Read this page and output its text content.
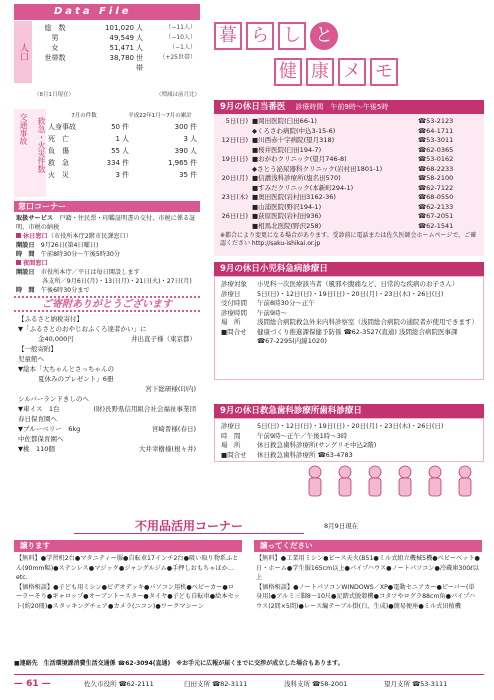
Data File
人口
総　数	101,020 人	（−11人）
男	49,549 人	（−10人）
女	51,471 人	（−1人）
世帯数	38,780 世帯
（+25世帯）
（8月1日現在）	（増減は前月比）
交通事故	救急・火災件数
7月の件数	平成22年1月〜7月の累計
人身事故	50 件	300 件
死　亡	1 人	3 人
負　傷	55 人	390 人
救　急	334 件	1,965 件
火　災	3 件	35 件
窓口コーナー
取扱サービス　 戸籍・住民票・印鑑証明書の交付、市税に係る証明、市税の納税
休日窓口（市役所本庁2階市民課窓口）
開設日　 9月26日(第4日曜日)
時　間　 午前8時30分〜午後5時30分
夜間窓口
開設日　 市役所本庁／平日は毎日開設します
各支所／9月6日(月)・13日(月)・21日(火)・27日(月)
時　間　 午後6時30分まで
ご寄附ありがとうございます
【ふるさと納税寄付】
▼「ふるさとのおやじおふくろ達者かい」に
金40,000円	井出直子様（東京都）
【一般寄附】
児童館へ
▼絵本「大ちゃんとさっちゃんの
夏休みのプレゼント」6冊
宮下総研様(印内)
シルバーランドきしのへ
▼車イス　1台	(財)長野県信用組合社会福祉事業団
春日保育園へ
▼ブルーベリー　6kg	宮崎晋様(春日)
中佐都保育園へ
▼桃　110個	大井幸樹様(根々井)
暮 ら し と
健 康 メ モ
9月の休日当番医 診療時間　午前9時〜午後5時
5日(日) ■岡田医院(臼田66-1)	☎53-2123
◆くろさわ病院(中込3-15-6)	☎64-1711
12日(日) ■川西赤十字病院(望月318)	☎53-3011
■桜井医院(臼田194-7)	☎62-0365
19日(日) ■おがわクリニック(望月746-8)	☎53-0162
◆さとう泌尿器科クリニック(岩村田1801-1)	☎68-2233
20日(月) ■信濃浅科診療所(塩名田570)	☎58-2100
■すみだクリニック(本新町294-1)	☎62-7122
23日(木) ■奥田医院(岩村田3162-36)	☎68-0550
■山浦医院(野沢194-1)	☎62-2133
26日(日) ■荻原医院(岩村田936)	☎67-2051
■相馬北医院(野沢258)	☎62-1541
※都合により変更になる場合があります。受診前に電話または佐久医師会ホームページで、ご確認ください http://saku-ishikai.or.jp
9月の休日小児科急病診療日
診療対象	小児科一次医療該当者（風邪や腹痛など、日常的な疾病のお子さん）
診療日	5日(日)・12日(日)・19日(日)・20日(月)・23日(木)・26日(日)
受付時間	午前8時30分〜正午
診療時間	午前9時〜
場　所	浅間総合病院救急外来内科診察室（浅間総合病院の通院者が使用できます）
■問合せ	健康づくり推進課保健予防係 ☎62-3527(直通) 浅間総合病院医事課 ☎67-2295(内線1020)
9月の休日救急歯科診療所歯科診療日
診療日	5日(日)・12日(日)・19日(日)・20日(月)・23日(木)・26日(日)
時　間	午前9時〜正午／午後1時〜3時
場　所	休日救急歯科診療所(サングリモ中込2階)
■問合せ	休日救急歯科診療所 ☎63-4783
不用品活用コーナー	8月9日現在
譲ります
【無料】●学習机2台●マタニティー服●自転車17インチ2台●吸い取り物系ふとん(90mm幅)●ステンレス●マジック●ジャングルジム●手押しおもちゃほか…etc.
【価格相談】●子ども用ミシン●ビデオデッキ●パソコン用机●ベビーカー●ローラーそり●ギャロップ●オーブントースター●タイヤ●子ども自転車●絵本セット(約20冊)●スタッキングチェア●カメラ(ニコン)●ワークマシーン
譲ってください
【無料】●工業用ミシン●ビース天火(B51●ミル式組立機械5機●ベビーベット●日・ホーム●学生服165cm以上●パイプハウス●ノートパソコン●冷蔵庫300ℓ以上
【価格相談】●ノートパソコンWINDOWS／XP●電動セニアカー●ピーパー(単身用)●アルミ三脚8〜10尺●足踏式脱穀機●コタツやログラ88cm角●パイプハウス(2間×5間)●レース編テーブル掛(白、生成)●簡易便座●ミル式田植機
■連絡先　生活環境課消費生活交通係 ☎62-3094(直通)　※お手元に広報が届くまでに交渉が成立した場合もあります。
— 61 —	佐久市役所 ☎62-2111	臼田支所 ☎82-3111	浅科支所 ☎58-2001	望月支所 ☎53-3111
